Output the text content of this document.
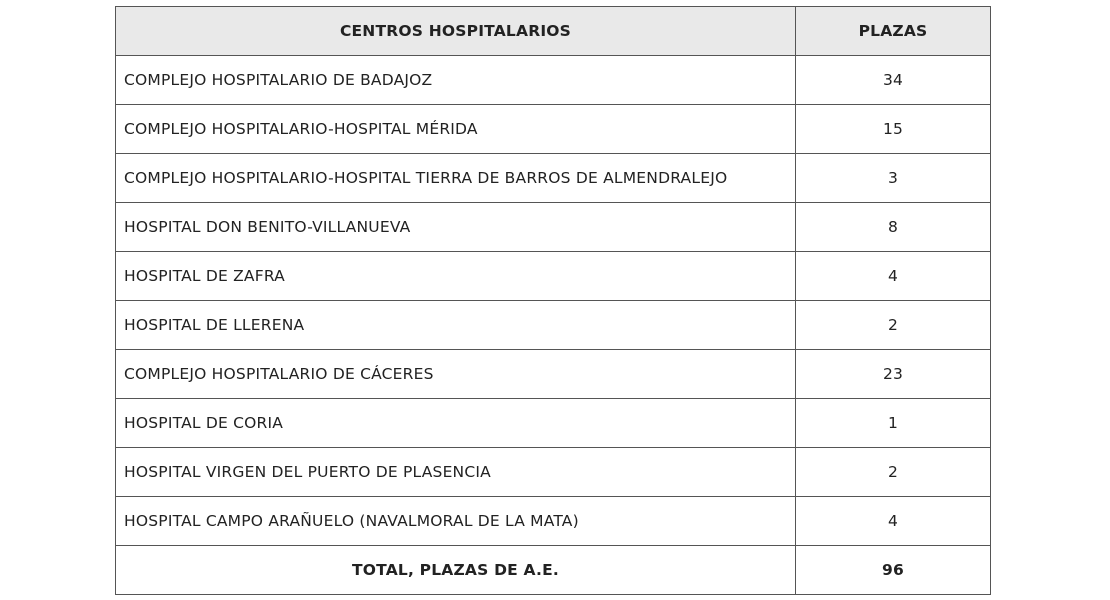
CENTROS HOSPITALARIOS	PLAZAS
COMPLEJO HOSPITALARIO DE BADAJOZ	34
COMPLEJO HOSPITALARIO-HOSPITAL MÉRIDA	15
COMPLEJO HOSPITALARIO-HOSPITAL TIERRA DE BARROS DE ALMENDRALEJO	3
HOSPITAL DON BENITO-VILLANUEVA	8
HOSPITAL DE ZAFRA	4
HOSPITAL DE LLERENA	2
COMPLEJO HOSPITALARIO DE CÁCERES	23
HOSPITAL DE CORIA	1
HOSPITAL VIRGEN DEL PUERTO DE PLASENCIA	2
HOSPITAL CAMPO ARAÑUELO (NAVALMORAL DE LA MATA)	4
TOTAL, PLAZAS DE A.E.	96
